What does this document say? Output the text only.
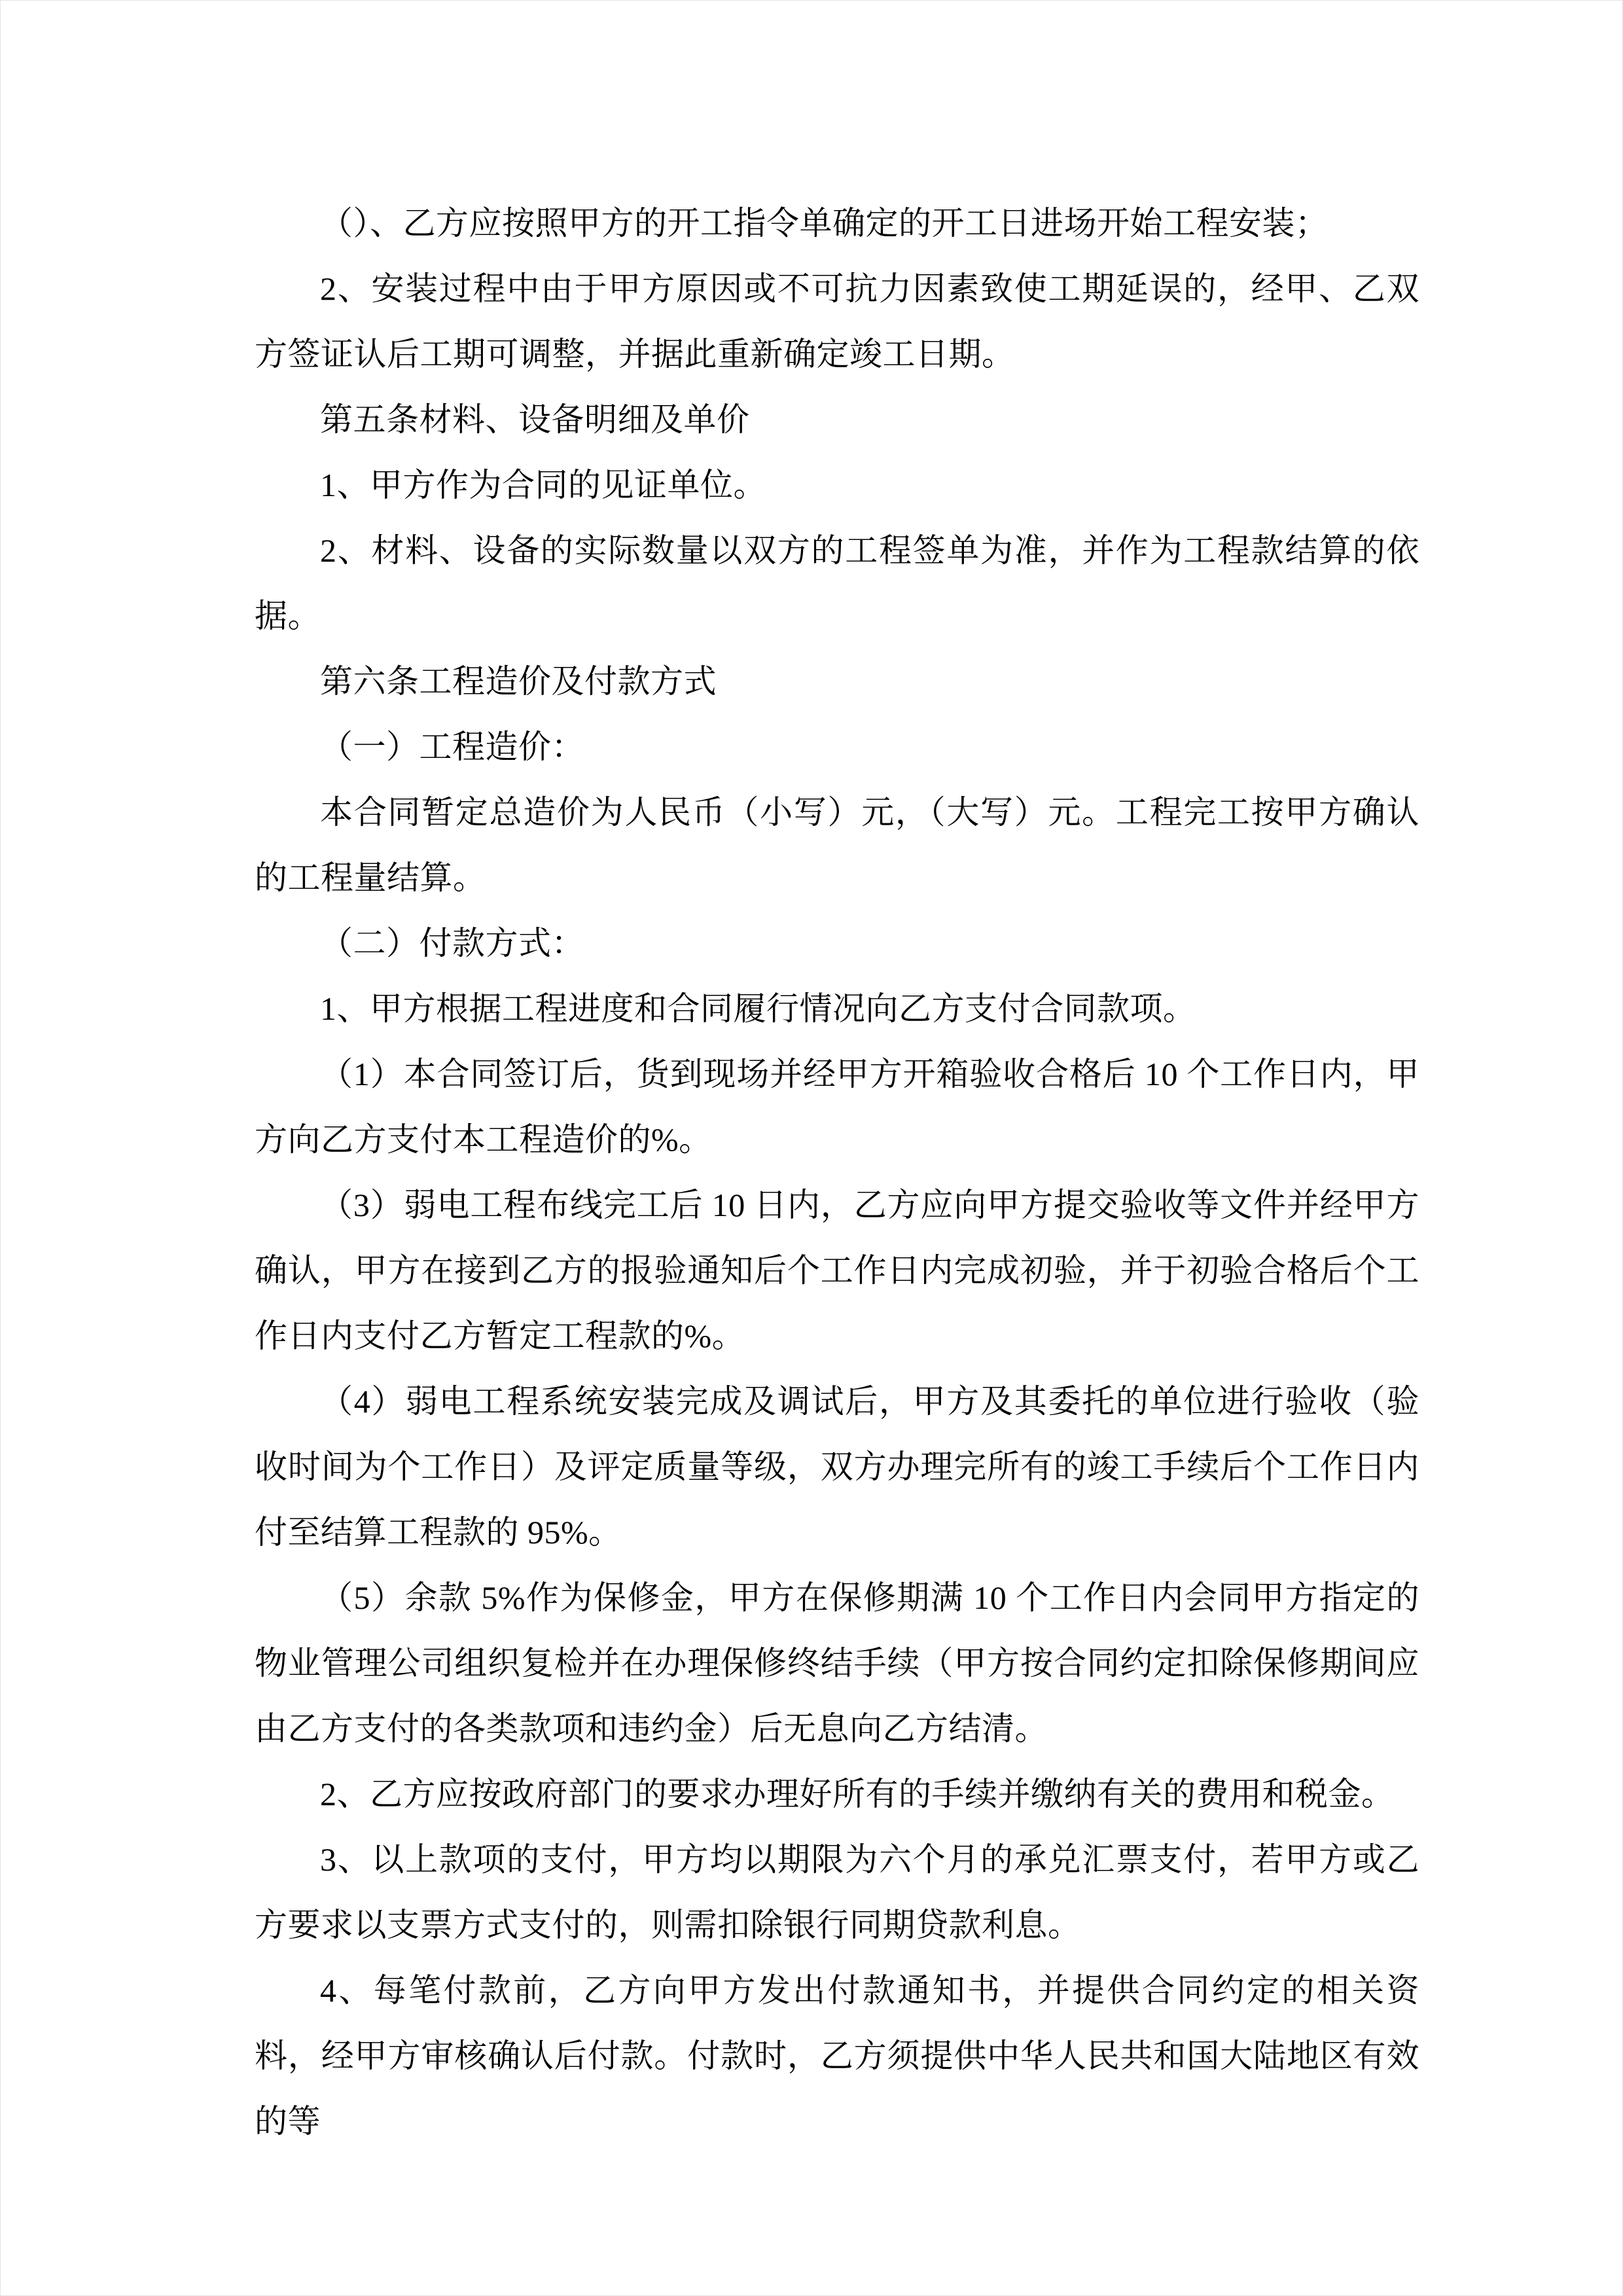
（）、乙方应按照甲方的开工指令单确定的开工日进场开始工程安装；

2、安装过程中由于甲方原因或不可抗力因素致使工期延误的，经甲、乙双方签证认后工期可调整，并据此重新确定竣工日期。

第五条材料、设备明细及单价

1、甲方作为合同的见证单位。

2、材料、设备的实际数量以双方的工程签单为准，并作为工程款结算的依据。

第六条工程造价及付款方式

（一）工程造价：

本合同暂定总造价为人民币（小写）元，（大写）元。工程完工按甲方确认的工程量结算。

（二）付款方式：

1、甲方根据工程进度和合同履行情况向乙方支付合同款项。

（1）本合同签订后，货到现场并经甲方开箱验收合格后 10 个工作日内，甲方向乙方支付本工程造价的%。

（3）弱电工程布线完工后 10 日内，乙方应向甲方提交验收等文件并经甲方确认，甲方在接到乙方的报验通知后个工作日内完成初验，并于初验合格后个工作日内支付乙方暂定工程款的%。

（4）弱电工程系统安装完成及调试后，甲方及其委托的单位进行验收（验收时间为个工作日）及评定质量等级，双方办理完所有的竣工手续后个工作日内付至结算工程款的 95%。

（5）余款 5%作为保修金，甲方在保修期满 10 个工作日内会同甲方指定的物业管理公司组织复检并在办理保修终结手续（甲方按合同约定扣除保修期间应由乙方支付的各类款项和违约金）后无息向乙方结清。

2、乙方应按政府部门的要求办理好所有的手续并缴纳有关的费用和税金。

3、以上款项的支付，甲方均以期限为六个月的承兑汇票支付，若甲方或乙方要求以支票方式支付的，则需扣除银行同期贷款利息。

4、每笔付款前，乙方向甲方发出付款通知书，并提供合同约定的相关资料，经甲方审核确认后付款。付款时，乙方须提供中华人民共和国大陆地区有效的等
